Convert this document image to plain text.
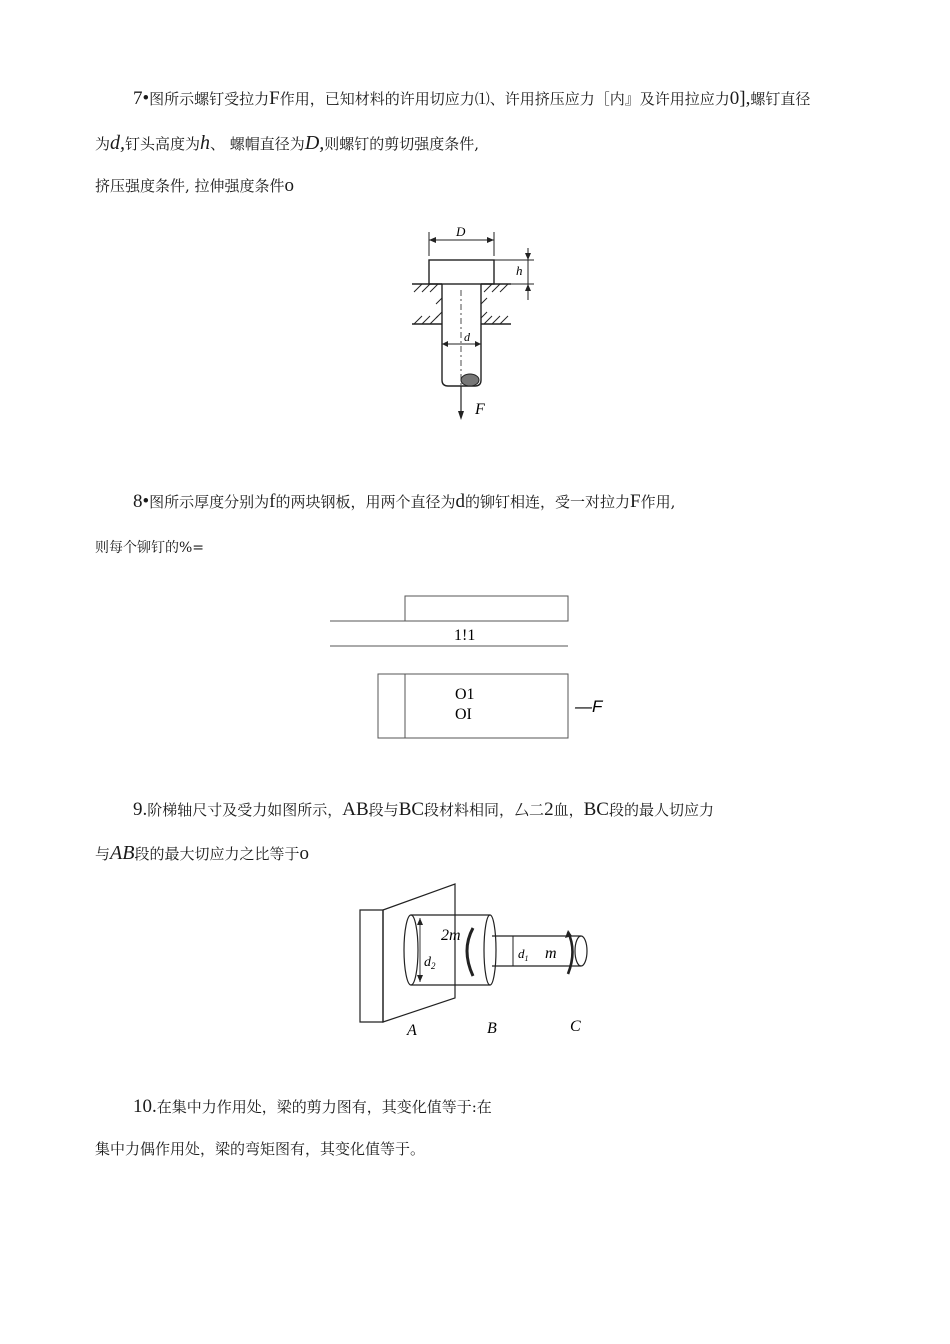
7•图所示螺钉受拉力F作用，已知材料的许用切应力⑴、许用挤压应力［内』及许用拉应力0],螺钉直径
为d,钉头高度为h、 螺帽直径为D,则螺钉的剪切强度条件,
挤压强度条件, 拉伸强度条件o
D
h
d
F
8•图所示厚度分别为f的两块钢板，用两个直径为d的铆钉相连，受一对拉力F作用,
则每个铆钉的%=
1!1
O1
OI	—F
9.阶梯轴尺寸及受力如图所示，AB段与BC段材料相同，厶二2血，BC段的最人切应力
与AB段的最大切应力之比等于o
$d_2$
2m
$d_1$ m
A	B	C
10.在集中力作用处，梁的剪力图有，其变化值等于:在
集中力偶作用处，梁的弯矩图有，其变化值等于。
